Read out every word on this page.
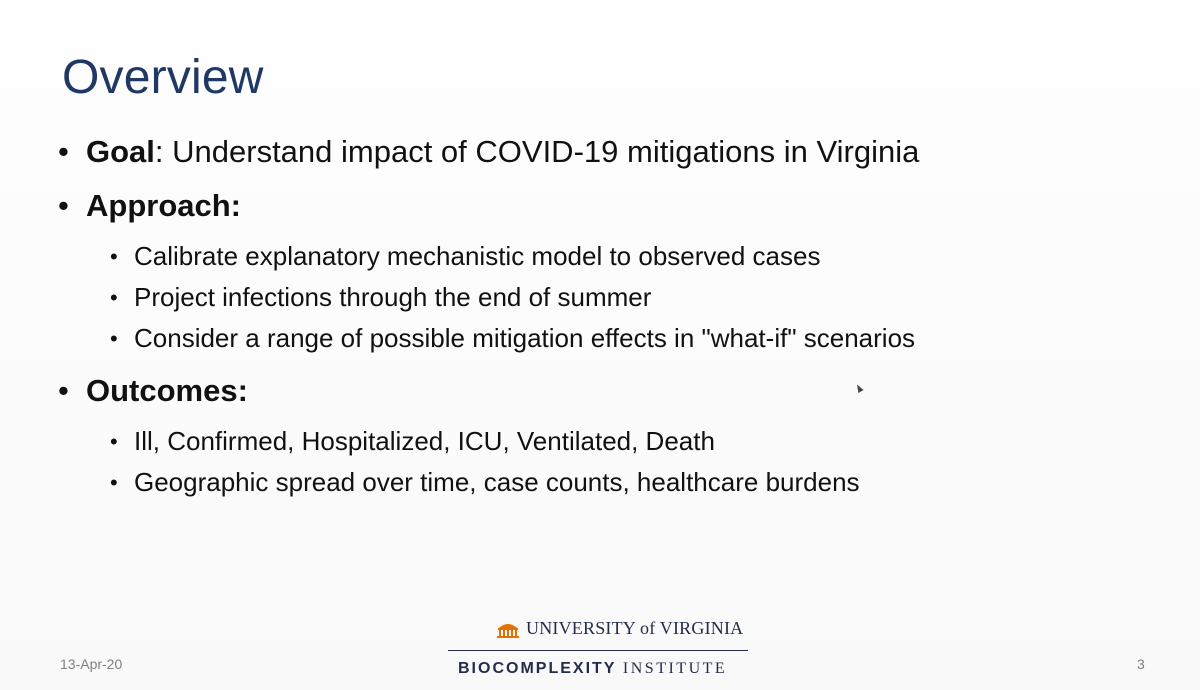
Overview
• Goal: Understand impact of COVID-19 mitigations in Virginia
• Approach:
• Calibrate explanatory mechanistic model to observed cases
• Project infections through the end of summer
• Consider a range of possible mitigation effects in "what-if" scenarios
• Outcomes:
• Ill, Confirmed, Hospitalized, ICU, Ventilated, Death
• Geographic spread over time, case counts, healthcare burdens
13-Apr-20
UNIVERSITY of VIRGINIA
BIOCOMPLEXITY INSTITUTE	3
